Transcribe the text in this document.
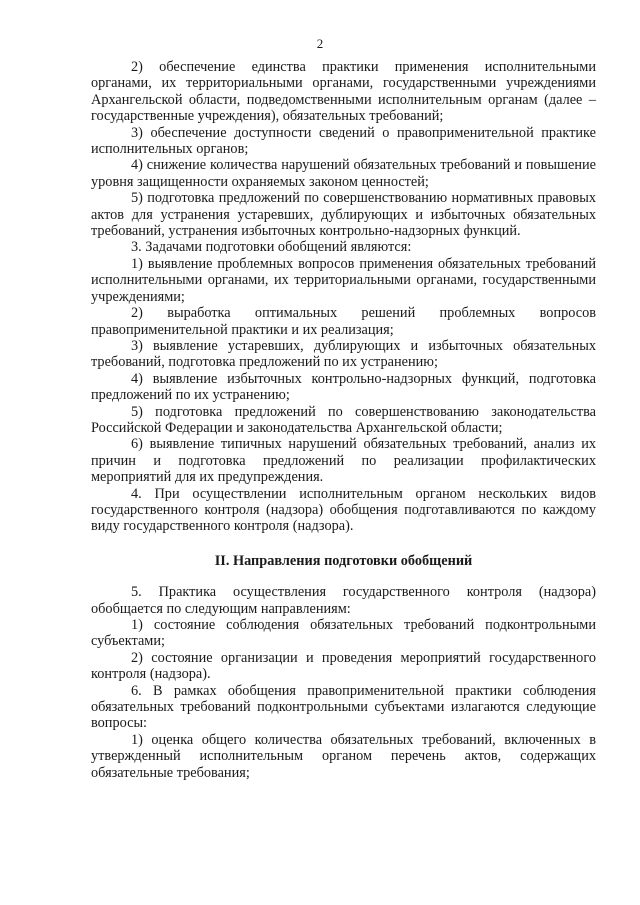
2

2) обеспечение единства практики применения исполнительными органами, их территориальными органами, государственными учреждениями Архангельской области, подведомственными исполнительным органам (далее – государственные учреждения), обязательных требований;

3) обеспечение доступности сведений о правоприменительной практике исполнительных органов;

4) снижение количества нарушений обязательных требований и повышение уровня защищенности охраняемых законом ценностей;

5) подготовка предложений по совершенствованию нормативных правовых актов для устранения устаревших, дублирующих и избыточных обязательных требований, устранения избыточных контрольно-надзорных функций.

3. Задачами подготовки обобщений являются:

1) выявление проблемных вопросов применения обязательных требований исполнительными органами, их территориальными органами, государственными учреждениями;

2) выработка оптимальных решений проблемных вопросов правоприменительной практики и их реализация;

3) выявление устаревших, дублирующих и избыточных обязательных требований, подготовка предложений по их устранению;

4) выявление избыточных контрольно-надзорных функций, подготовка предложений по их устранению;

5) подготовка предложений по совершенствованию законодательства Российской Федерации и законодательства Архангельской области;

6) выявление типичных нарушений обязательных требований, анализ их причин и подготовка предложений по реализации профилактических мероприятий для их предупреждения.

4. При осуществлении исполнительным органом нескольких видов государственного контроля (надзора) обобщения подготавливаются по каждому виду государственного контроля (надзора).

II. Направления подготовки обобщений

5. Практика осуществления государственного контроля (надзора) обобщается по следующим направлениям:

1) состояние соблюдения обязательных требований подконтрольными субъектами;

2) состояние организации и проведения мероприятий государственного контроля (надзора).

6. В рамках обобщения правоприменительной практики соблюдения обязательных требований подконтрольными субъектами излагаются следующие вопросы:

1) оценка общего количества обязательных требований, включенных в утвержденный исполнительным органом перечень актов, содержащих обязательные требования;
